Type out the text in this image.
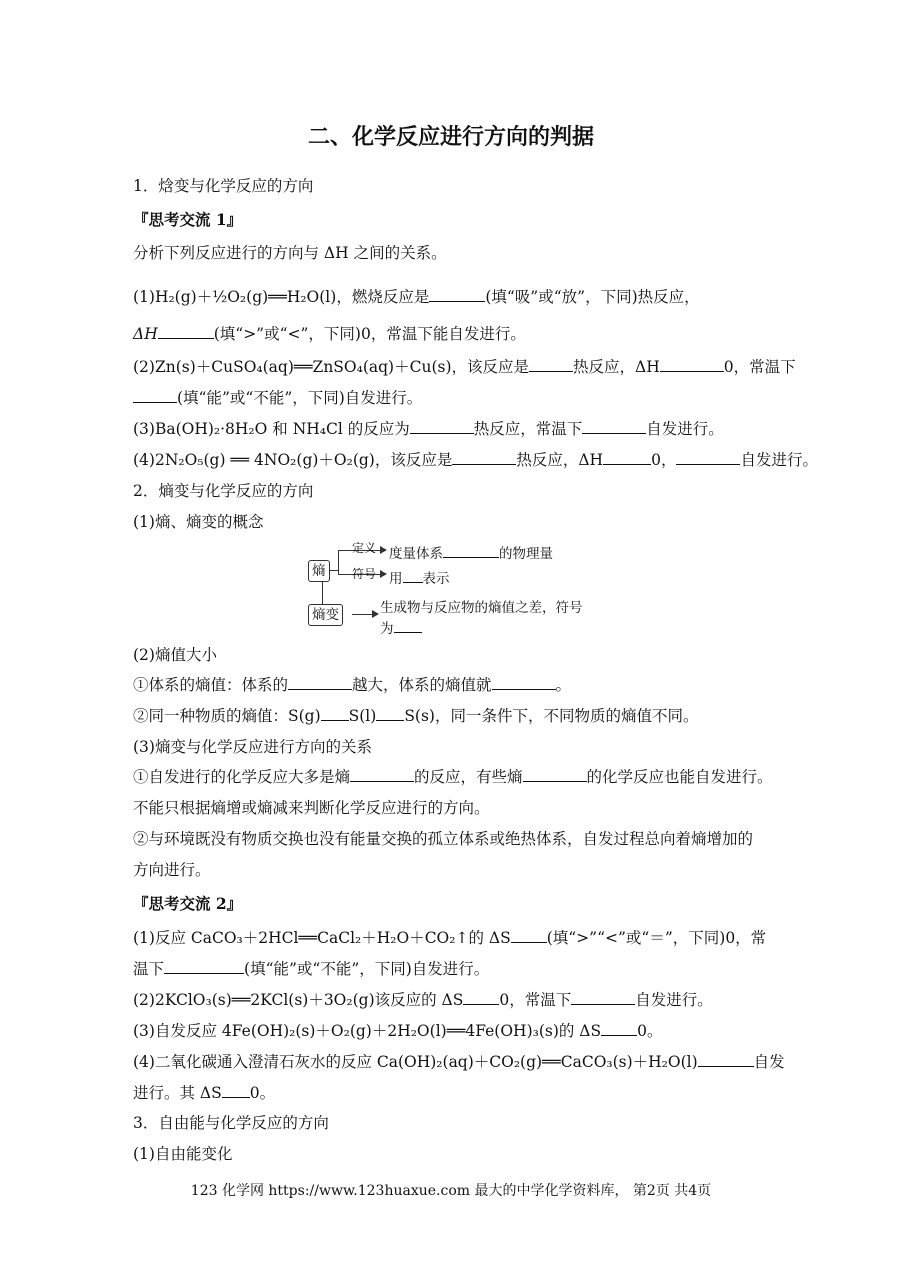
二、化学反应进行方向的判据
1．焓变与化学反应的方向
『思考交流 1』
分析下列反应进行的方向与 ΔH 之间的关系。
(1)H₂(g)＋½O₂(g)══H₂O(l)，燃烧反应是	(填“吸”或“放”，下同)热反应，
ΔH	(填“>”或“<”，下同)0，常温下能自发进行。
(2)Zn(s)＋CuSO₄(aq)══ZnSO₄(aq)＋Cu(s)，该反应是	热反应，ΔH	0，常温下
(填“能”或“不能”，下同)自发进行。
(3)Ba(OH)₂·8H₂O 和 NH₄Cl 的反应为	热反应，常温下	自发进行。
(4)2N₂O₅(g) ══ 4NO₂(g)＋O₂(g)，该反应是	热反应，ΔH	0，	自发进行。
2．熵变与化学反应的方向
(1)熵、熵变的概念
熵
定义
符号
度量体系	的物理量
用 表示
熵变	生成物与反应物的熵值之差，符号
为
(2)熵值大小
①体系的熵值：体系的	越大，体系的熵值就	。
②同一种物质的熵值：S(g) S(l) S(s)，同一条件下，不同物质的熵值不同。
(3)熵变与化学反应进行方向的关系
①自发进行的化学反应大多是熵	的反应，有些熵	的化学反应也能自发进行。
不能只根据熵增或熵减来判断化学反应进行的方向。
②与环境既没有物质交换也没有能量交换的孤立体系或绝热体系，自发过程总向着熵增加的
方向进行。
『思考交流 2』
(1)反应 CaCO₃＋2HCl══CaCl₂＋H₂O＋CO₂↑的 ΔS (填“>”“<”或“＝”，下同)0，常
温下	(填“能”或“不能”，下同)自发进行。
(2)2KClO₃(s)══2KCl(s)＋3O₂(g)该反应的 ΔS 0，常温下	自发进行。
(3)自发反应 4Fe(OH)₂(s)＋O₂(g)＋2H₂O(l)══4Fe(OH)₃(s)的 ΔS 0。
(4)二氧化碳通入澄清石灰水的反应 Ca(OH)₂(aq)＋CO₂(g)══CaCO₃(s)＋H₂O(l)	自发
进行。其 ΔS 0。
3．自由能与化学反应的方向
(1)自由能变化
123 化学网 https://www.123huaxue.com 最大的中学化学资料库， 第2页 共4页
